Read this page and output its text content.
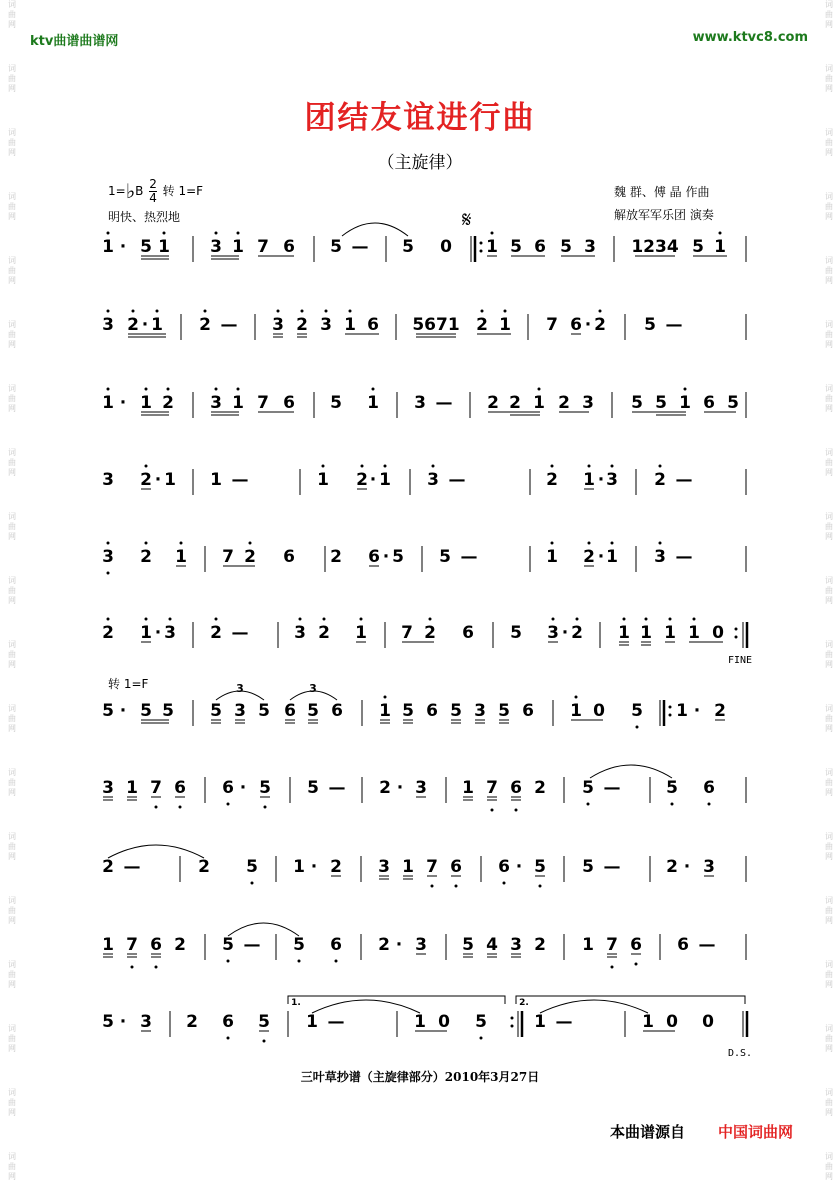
ktv曲谱曲谱网	www.ktvc8.com
词
曲
网
词
曲
网
词
曲
网
词
曲
网
词
曲
网
词
曲
网
词
曲
网
词
曲
网
词
曲
网
词
曲
网
词
曲
网
词
曲
网
词
曲
网
词
曲
网
词
曲
网
词
曲
网
词
曲
网
词
曲
网
词
曲
网
词
曲
网
词
曲
网
词
曲
网
词
曲
网
词
曲
网
词
曲
网
词
曲
网
词
曲
网
词
曲
网
词
曲
网
词
曲
网
词
曲
网
词
曲
网
词
曲
网
词
曲
网
词
曲
网
词
曲
网
词
曲
网
词
曲
网
团结友谊进行曲
（主旋律）
1=♭B $\frac{2}{4}$ 转 1=F
明快、热烈地
魏 群、傅 晶 作曲
解放军军乐团 演奏
转 1=F
FINE
D.S.
𝄋
1 · 5 1 3 1 7 6 5 — 5 0 1 5 6 5 3 1234 5 1
3 2 · 1 2 — 3 2 3 1 6 5671 2 1 7 6 · 2 5 —
1 · 1 2 3 1 7 6 5 1 3 — 2 2 1 2 3 5 5 1 6 5
3 2 · 1 1 —	1 2 · 1 3 —	2 1 · 3 2 —
3 2 1 7 2 6 2 6 · 5 5 —	1 2 · 1 3 —
2 1 · 3 2 —	3 2 1 7 2 6 5 3 · 2 1 1 1 1 0
5 · 5 5 5 3 5 6 5 6 1 5 6 5 3 5 6 1 0 5 1 · 2
3 1 7 6 6 · 5 5 — 2 · 3 1 7 6 2 5 —	5 6
2 —	2 5 1 · 2 3 1 7 6 6 · 5 5 —	2 · 3
1 7 6 2 5 — 5 6 2 · 3 5 4 3 2 1 7 6 6 —
5 · 3 2 6 5 1 —	1 0 5	1 —	1 0 0
3	3
1.	2.
三叶草抄谱（主旋律部分）2010年3月27日
本曲谱源自 中国词曲网
